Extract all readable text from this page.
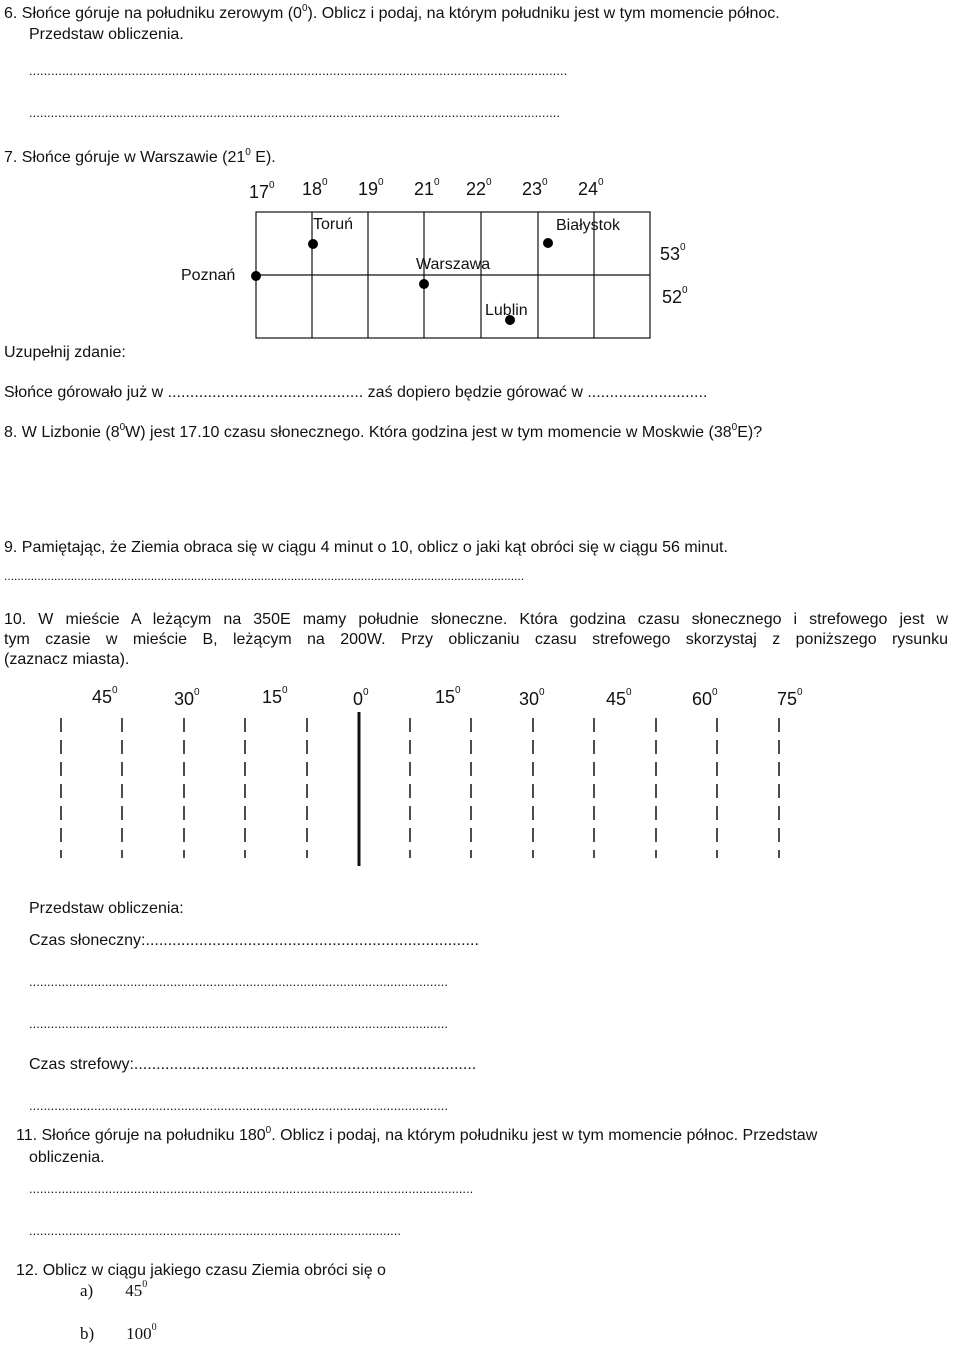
6. Słońce góruje na południku zerowym $(0^0)$. Oblicz i podaj, na którym południku jest w tym momencie północ.
Przedstaw obliczenia.
...................................................................................................................................................
...................................................................................................................................................
7. Słońce góruje w Warszawie ($21^0$ E).
$17^0$ $18^0$ $19^0$ $21^0$ $22^0$ $23^0$ $24^0$
Toruń	Białystok
Poznań
Warszawa
Lublin
$53^0$
$52^0$
Uzupełnij zdanie:
Słońce górowało już w ............................................ zaś dopiero będzie górować w ...........................
8. W Lizbonie $(8^0W)$ jest 17.10 czasu słonecznego. Która godzina jest w tym momencie w Moskwie $(38^0E)$?
9. Pamiętając, że Ziemia obraca się w ciągu 4 minut o 10, oblicz o jaki kąt obróci się w ciągu 56 minut.
............................................................................................................................................................
10. W mieście A leżącym na 350E mamy południe słoneczne. Która godzina czasu słonecznego i strefowego jest w
tym czasie w mieście B, leżącym na 200W. Przy obliczaniu czasu strefowego skorzystaj z poniższego rysunku
(zaznacz miasta).
$45^0$	$30^0$	$15^0$	$0^0$	$15^0$	$30^0$	$45^0$	$60^0$	$75^0$
Przedstaw obliczenia:
Czas słoneczny:...........................................................................
....................................................................................................................
....................................................................................................................
Czas strefowy:.............................................................................
....................................................................................................................
11. Słońce góruje na południku $180^0$ . Oblicz i podaj, na którym południku jest w tym momencie północ. Przedstaw
obliczenia.
...........................................................................................................................
.......................................................................................................
12. Oblicz w ciągu jakiego czasu Ziemia obróci się o
a) $45^0$
b) $100^0$
